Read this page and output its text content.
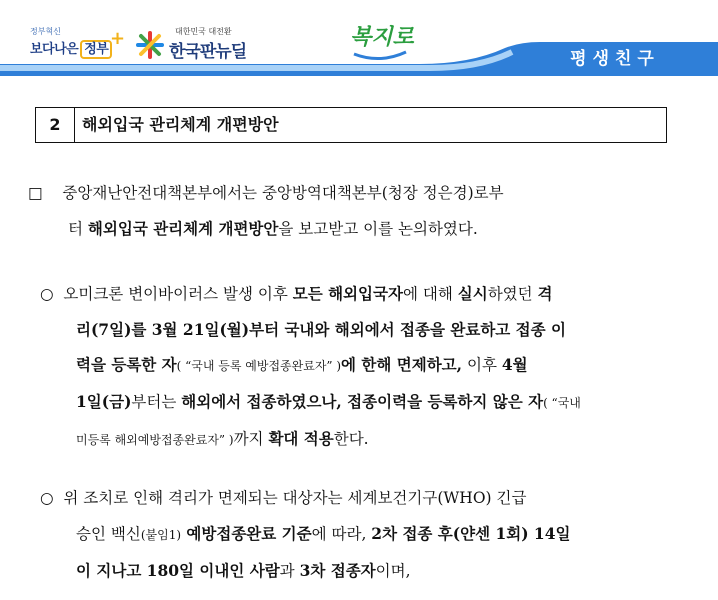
정부혁신
보다나은 정부
+	대한민국 대전환
한국판뉴딜
복지로
평생친구
2	해외입국 관리체계 개편방안
□ 중앙재난안전대책본부에서는 중앙방역대책본부(청장 정은경)로부
터 해외입국 관리체계 개편방안을 보고받고 이를 논의하였다.
○ 오미크론 변이바이러스 발생 이후 모든 해외입국자에 대해 실시하였던 격
리(7일)를 3월 21일(월)부터 국내와 해외에서 접종을 완료하고 접종 이
력을 등록한 자( “국내 등록 예방접종완료자” )에 한해 면제하고, 이후 4월
1일(금)부터는 해외에서 접종하였으나, 접종이력을 등록하지 않은 자( “국내
미등록 해외예방접종완료자” )까지 확대 적용한다.
○ 위 조치로 인해 격리가 면제되는 대상자는 세계보건기구(WHO) 긴급
승인 백신(붙임1) 예방접종완료 기준에 따라, 2차 접종 후(얀센 1회) 14일
이 지나고 180일 이내인 사람과 3차 접종자이며,
